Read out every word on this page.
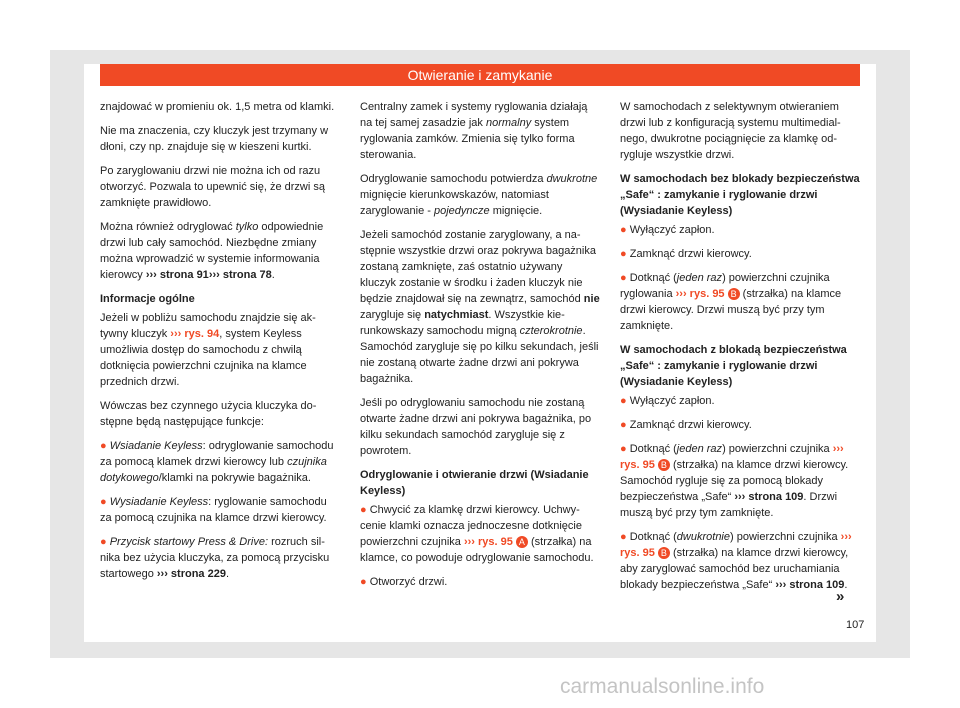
Otwieranie i zamykanie

znajdować w promieniu ok. 1,5 metra od klamki.

Nie ma znaczenia, czy kluczyk jest trzymany w dłoni, czy np. znajduje się w kieszeni kurtki.

Po zaryglowaniu drzwi nie można ich od razu otworzyć. Pozwala to upewnić się, że drzwi są zamknięte prawidłowo.

Można również odryglować tylko odpowiednie drzwi lub cały samochód. Niezbędne zmiany można wprowadzić w systemie informowania kierowcy ››› strona 91››› strona 78.

Informacje ogólne

Jeżeli w pobliżu samochodu znajdzie się aktywny kluczyk ››› rys. 94, system Keyless umożliwia dostęp do samochodu z chwilą dotknięcia powierzchni czujnika na klamce przednich drzwi.

Wówczas bez czynnego użycia kluczyka dostępne będą następujące funkcje:

● Wsiadanie Keyless: odryglowanie samochodu za pomocą klamek drzwi kierowcy lub czujnika dotykowego/klamki na pokrywie bagażnika.

● Wysiadanie Keyless: ryglowanie samochodu za pomocą czujnika na klamce drzwi kierowcy.

● Przycisk startowy Press & Drive: rozruch silnika bez użycia kluczyka, za pomocą przycisku startowego ››› strona 229.

Centralny zamek i systemy ryglowania działają na tej samej zasadzie jak normalny system ryglowania zamków. Zmienia się tylko forma sterowania.

Odryglowanie samochodu potwierdza dwukrotne mignięcie kierunkowskazów, natomiast zaryglowanie - pojedyncze mignięcie.

Jeżeli samochód zostanie zaryglowany, a następnie wszystkie drzwi oraz pokrywa bagażnika zostaną zamknięte, zaś ostatnio używany kluczyk zostanie w środku i żaden kluczyk nie będzie znajdował się na zewnątrz, samochód nie zarygluje się natychmiast. Wszystkie kierunkowskazy samochodu migną czterokrotnie. Samochód zarygluje się po kilku sekundach, jeśli nie zostaną otwarte żadne drzwi ani pokrywa bagażnika.

Jeśli po odryglowaniu samochodu nie zostaną otwarte żadne drzwi ani pokrywa bagażnika, po kilku sekundach samochód zarygluje się z powrotem.

Odryglowanie i otwieranie drzwi (Wsiadanie Keyless)

● Chwycić za klamkę drzwi kierowcy. Uchwycenie klamki oznacza jednoczesne dotknięcie powierzchni czujnika ››› rys. 95 A (strzałka) na klamce, co powoduje odryglowanie samochodu.

● Otworzyć drzwi.

W samochodach z selektywnym otwieraniem drzwi lub z konfiguracją systemu multimedialnego, dwukrotne pociągnięcie za klamkę odrygluje wszystkie drzwi.

W samochodach bez blokady bezpieczeństwa „Safe“ : zamykanie i ryglowanie drzwi (Wysiadanie Keyless)

● Wyłączyć zapłon.

● Zamknąć drzwi kierowcy.

● Dotknąć (jeden raz) powierzchni czujnika ryglowania ››› rys. 95 B (strzałka) na klamce drzwi kierowcy. Drzwi muszą być przy tym zamknięte.

W samochodach z blokadą bezpieczeństwa „Safe“ : zamykanie i ryglowanie drzwi (Wysiadanie Keyless)

● Wyłączyć zapłon.

● Zamknąć drzwi kierowcy.

● Dotknąć (jeden raz) powierzchni czujnika ››› rys. 95 B (strzałka) na klamce drzwi kierowcy. Samochód rygluje się za pomocą blokady bezpieczeństwa „Safe“ ››› strona 109. Drzwi muszą być przy tym zamknięte.

● Dotknąć (dwukrotnie) powierzchni czujnika ››› rys. 95 B (strzałka) na klamce drzwi kierowcy, aby zaryglować samochód bez uruchamiania blokady bezpieczeństwa „Safe“ ››› strona 109.

»
107
carmanualsonline.info
